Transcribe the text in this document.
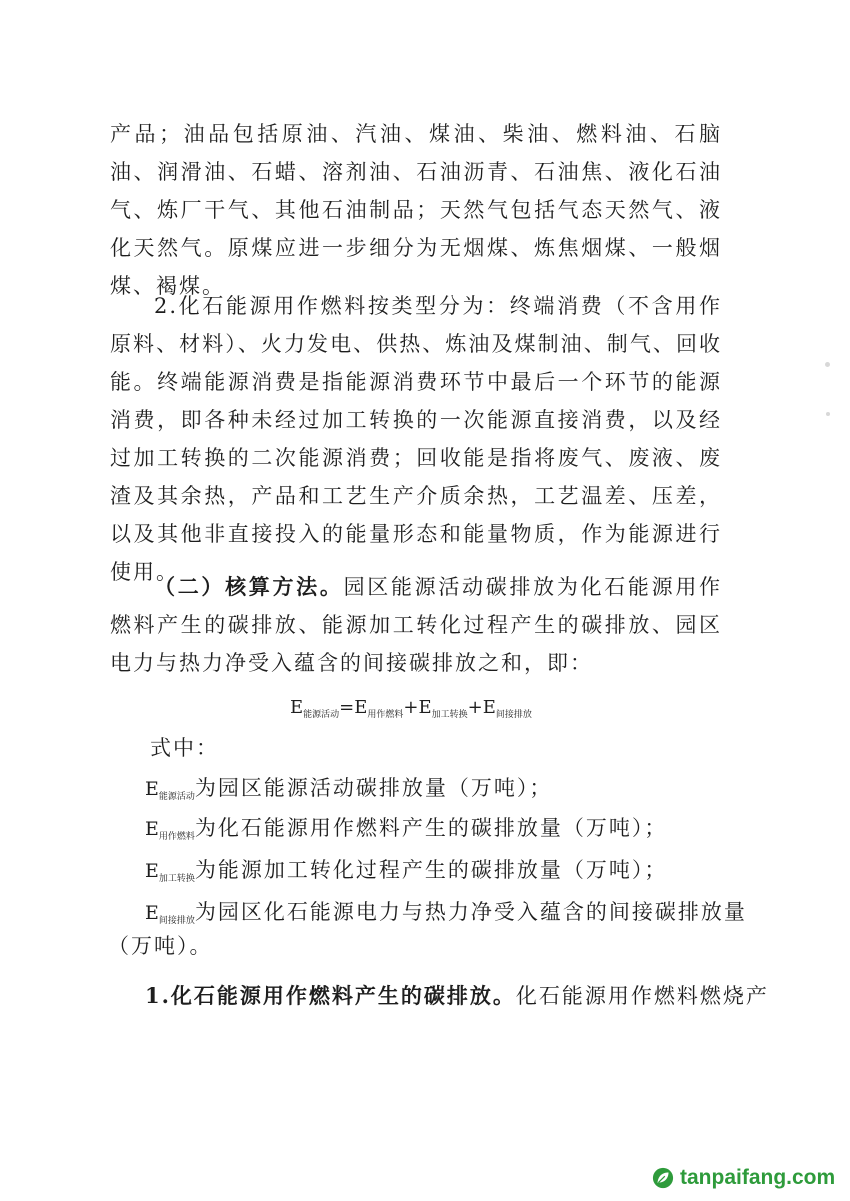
产品；油品包括原油、汽油、煤油、柴油、燃料油、石脑油、润滑油、石蜡、溶剂油、石油沥青、石油焦、液化石油气、炼厂干气、其他石油制品；天然气包括气态天然气、液化天然气。原煤应进一步细分为无烟煤、炼焦烟煤、一般烟煤、褐煤。

2.化石能源用作燃料按类型分为：终端消费（不含用作原料、材料）、火力发电、供热、炼油及煤制油、制气、回收能。终端能源消费是指能源消费环节中最后一个环节的能源消费，即各种未经过加工转换的一次能源直接消费，以及经过加工转换的二次能源消费；回收能是指将废气、废液、废渣及其余热，产品和工艺生产介质余热，工艺温差、压差，以及其他非直接投入的能量形态和能量物质，作为能源进行使用。

（二）核算方法。园区能源活动碳排放为化石能源用作燃料产生的碳排放、能源加工转化过程产生的碳排放、园区电力与热力净受入蕴含的间接碳排放之和，即：

$E_{能源活动}=E_{用作燃料}+E_{加工转换}+E_{间接排放}$
式中：
$E_{能源活动}$为园区能源活动碳排放量（万吨）；
$E_{用作燃料}$为化石能源用作燃料产生的碳排放量（万吨）；
$E_{加工转换}$为能源加工转化过程产生的碳排放量（万吨）；
$E_{间接排放}$为园区化石能源电力与热力净受入蕴含的间接碳排放量
（万吨）。
1.化石能源用作燃料产生的碳排放。化石能源用作燃料燃烧产
tanpaifang.com
